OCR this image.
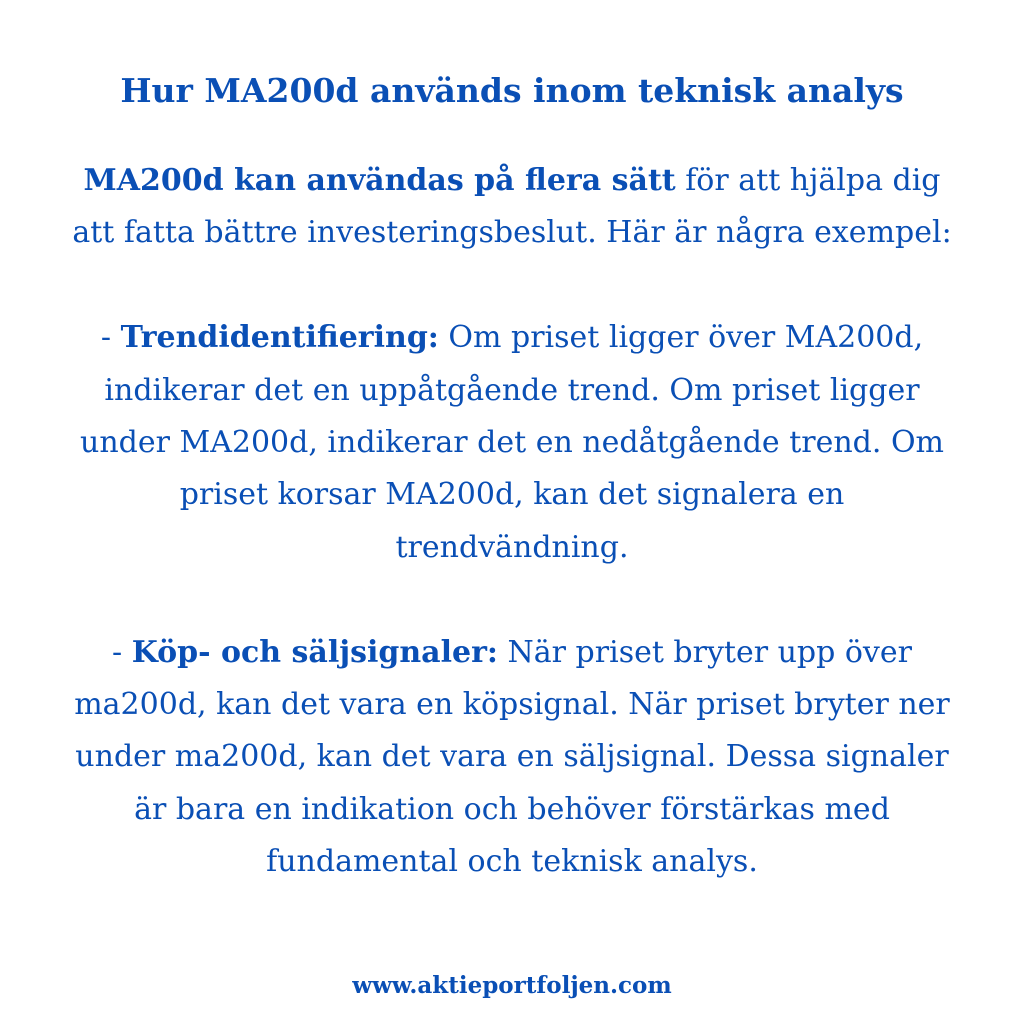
Hur MA200d används inom teknisk analys

MA200d kan användas på flera sätt för att hjälpa dig att fatta bättre investeringsbeslut. Här är några exempel:

- Trendidentifiering: Om priset ligger över MA200d, indikerar det en uppåtgående trend. Om priset ligger under MA200d, indikerar det en nedåtgående trend. Om priset korsar MA200d, kan det signalera en trendvändning.

- Köp- och säljsignaler: När priset bryter upp över ma200d, kan det vara en köpsignal. När priset bryter ner under ma200d, kan det vara en säljsignal. Dessa signaler är bara en indikation och behöver förstärkas med fundamental och teknisk analys.

www.aktieportfoljen.com
